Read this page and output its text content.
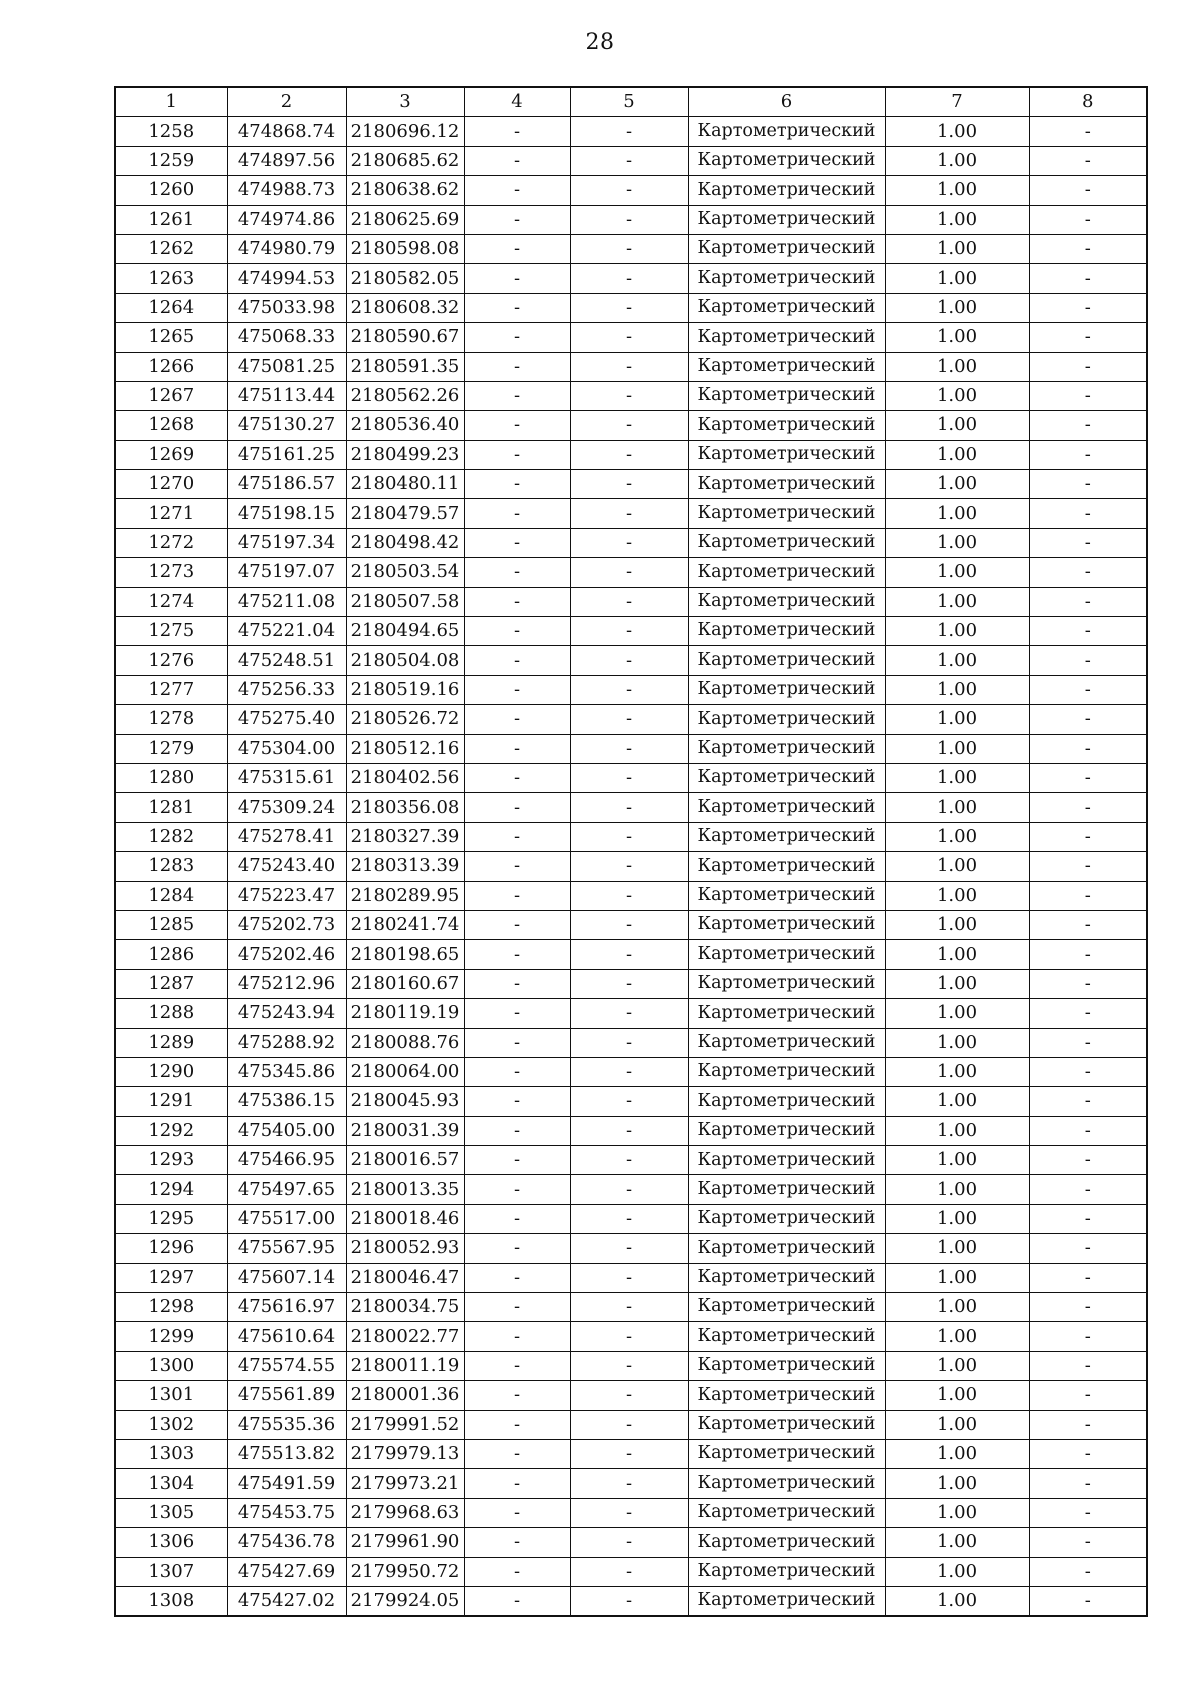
28
1	2	3	4	5	6	7	8
1258	474868.74	2180696.12	-	-	Картометрический	1.00	-
1259	474897.56	2180685.62	-	-	Картометрический	1.00	-
1260	474988.73	2180638.62	-	-	Картометрический	1.00	-
1261	474974.86	2180625.69	-	-	Картометрический	1.00	-
1262	474980.79	2180598.08	-	-	Картометрический	1.00	-
1263	474994.53	2180582.05	-	-	Картометрический	1.00	-
1264	475033.98	2180608.32	-	-	Картометрический	1.00	-
1265	475068.33	2180590.67	-	-	Картометрический	1.00	-
1266	475081.25	2180591.35	-	-	Картометрический	1.00	-
1267	475113.44	2180562.26	-	-	Картометрический	1.00	-
1268	475130.27	2180536.40	-	-	Картометрический	1.00	-
1269	475161.25	2180499.23	-	-	Картометрический	1.00	-
1270	475186.57	2180480.11	-	-	Картометрический	1.00	-
1271	475198.15	2180479.57	-	-	Картометрический	1.00	-
1272	475197.34	2180498.42	-	-	Картометрический	1.00	-
1273	475197.07	2180503.54	-	-	Картометрический	1.00	-
1274	475211.08	2180507.58	-	-	Картометрический	1.00	-
1275	475221.04	2180494.65	-	-	Картометрический	1.00	-
1276	475248.51	2180504.08	-	-	Картометрический	1.00	-
1277	475256.33	2180519.16	-	-	Картометрический	1.00	-
1278	475275.40	2180526.72	-	-	Картометрический	1.00	-
1279	475304.00	2180512.16	-	-	Картометрический	1.00	-
1280	475315.61	2180402.56	-	-	Картометрический	1.00	-
1281	475309.24	2180356.08	-	-	Картометрический	1.00	-
1282	475278.41	2180327.39	-	-	Картометрический	1.00	-
1283	475243.40	2180313.39	-	-	Картометрический	1.00	-
1284	475223.47	2180289.95	-	-	Картометрический	1.00	-
1285	475202.73	2180241.74	-	-	Картометрический	1.00	-
1286	475202.46	2180198.65	-	-	Картометрический	1.00	-
1287	475212.96	2180160.67	-	-	Картометрический	1.00	-
1288	475243.94	2180119.19	-	-	Картометрический	1.00	-
1289	475288.92	2180088.76	-	-	Картометрический	1.00	-
1290	475345.86	2180064.00	-	-	Картометрический	1.00	-
1291	475386.15	2180045.93	-	-	Картометрический	1.00	-
1292	475405.00	2180031.39	-	-	Картометрический	1.00	-
1293	475466.95	2180016.57	-	-	Картометрический	1.00	-
1294	475497.65	2180013.35	-	-	Картометрический	1.00	-
1295	475517.00	2180018.46	-	-	Картометрический	1.00	-
1296	475567.95	2180052.93	-	-	Картометрический	1.00	-
1297	475607.14	2180046.47	-	-	Картометрический	1.00	-
1298	475616.97	2180034.75	-	-	Картометрический	1.00	-
1299	475610.64	2180022.77	-	-	Картометрический	1.00	-
1300	475574.55	2180011.19	-	-	Картометрический	1.00	-
1301	475561.89	2180001.36	-	-	Картометрический	1.00	-
1302	475535.36	2179991.52	-	-	Картометрический	1.00	-
1303	475513.82	2179979.13	-	-	Картометрический	1.00	-
1304	475491.59	2179973.21	-	-	Картометрический	1.00	-
1305	475453.75	2179968.63	-	-	Картометрический	1.00	-
1306	475436.78	2179961.90	-	-	Картометрический	1.00	-
1307	475427.69	2179950.72	-	-	Картометрический	1.00	-
1308	475427.02	2179924.05	-	-	Картометрический	1.00	-
